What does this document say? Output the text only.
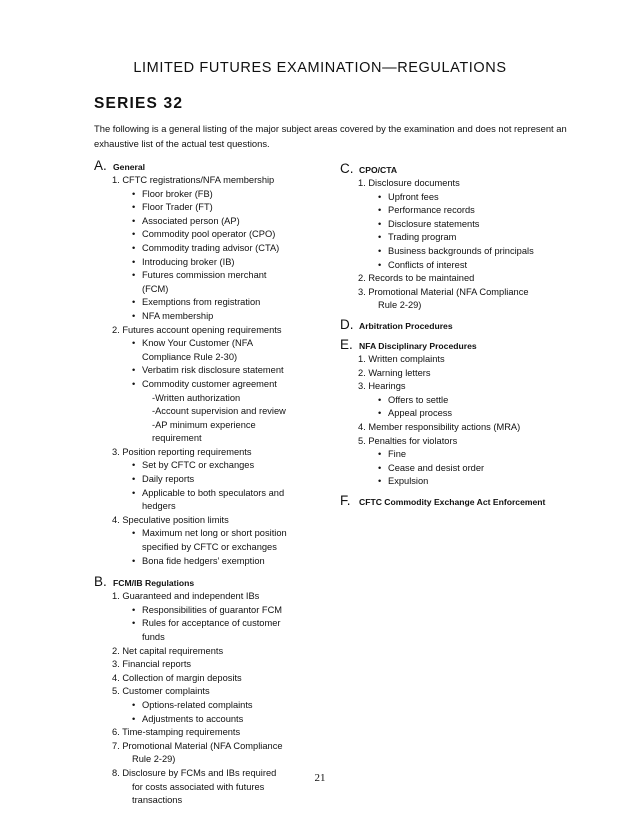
LIMITED FUTURES EXAMINATION—REGULATIONS
SERIES 32
The following is a general listing of the major subject areas covered by the examination and does not represent an exhaustive list of the actual test questions.
A. General
1. CFTC registrations/NFA membership
• Floor broker (FB)
• Floor Trader (FT)
• Associated person (AP)
• Commodity pool operator (CPO)
• Commodity trading advisor (CTA)
• Introducing broker (IB)
• Futures commission merchant
(FCM)
• Exemptions from registration
• NFA membership
2. Futures account opening requirements
• Know Your Customer (NFA
Compliance Rule 2-30)
• Verbatim risk disclosure statement
• Commodity customer agreement
-Written authorization
-Account supervision and review
-AP minimum experience
requirement
3. Position reporting requirements
• Set by CFTC or exchanges
• Daily reports
• Applicable to both speculators and
hedgers
4. Speculative position limits
• Maximum net long or short position
specified by CFTC or exchanges
• Bona fide hedgers’ exemption
B. FCM/IB Regulations
1. Guaranteed and independent IBs
• Responsibilities of guarantor FCM
• Rules for acceptance of customer
funds
2. Net capital requirements
3. Financial reports
4. Collection of margin deposits
5. Customer complaints
• Options-related complaints
• Adjustments to accounts
6. Time-stamping requirements
7. Promotional Material (NFA Compliance
Rule 2-29)
8. Disclosure by FCMs and IBs required
for costs associated with futures
transactions
C. CPO/CTA
1. Disclosure documents
• Upfront fees
• Performance records
• Disclosure statements
• Trading program
• Business backgrounds of principals
• Conflicts of interest
2. Records to be maintained
3. Promotional Material (NFA Compliance
Rule 2-29)
D. Arbitration Procedures
E. NFA Disciplinary Procedures
1. Written complaints
2. Warning letters
3. Hearings
• Offers to settle
• Appeal process
4. Member responsibility actions (MRA)
5. Penalties for violators
• Fine
• Cease and desist order
• Expulsion
F. CFTC Commodity Exchange Act Enforcement
21
